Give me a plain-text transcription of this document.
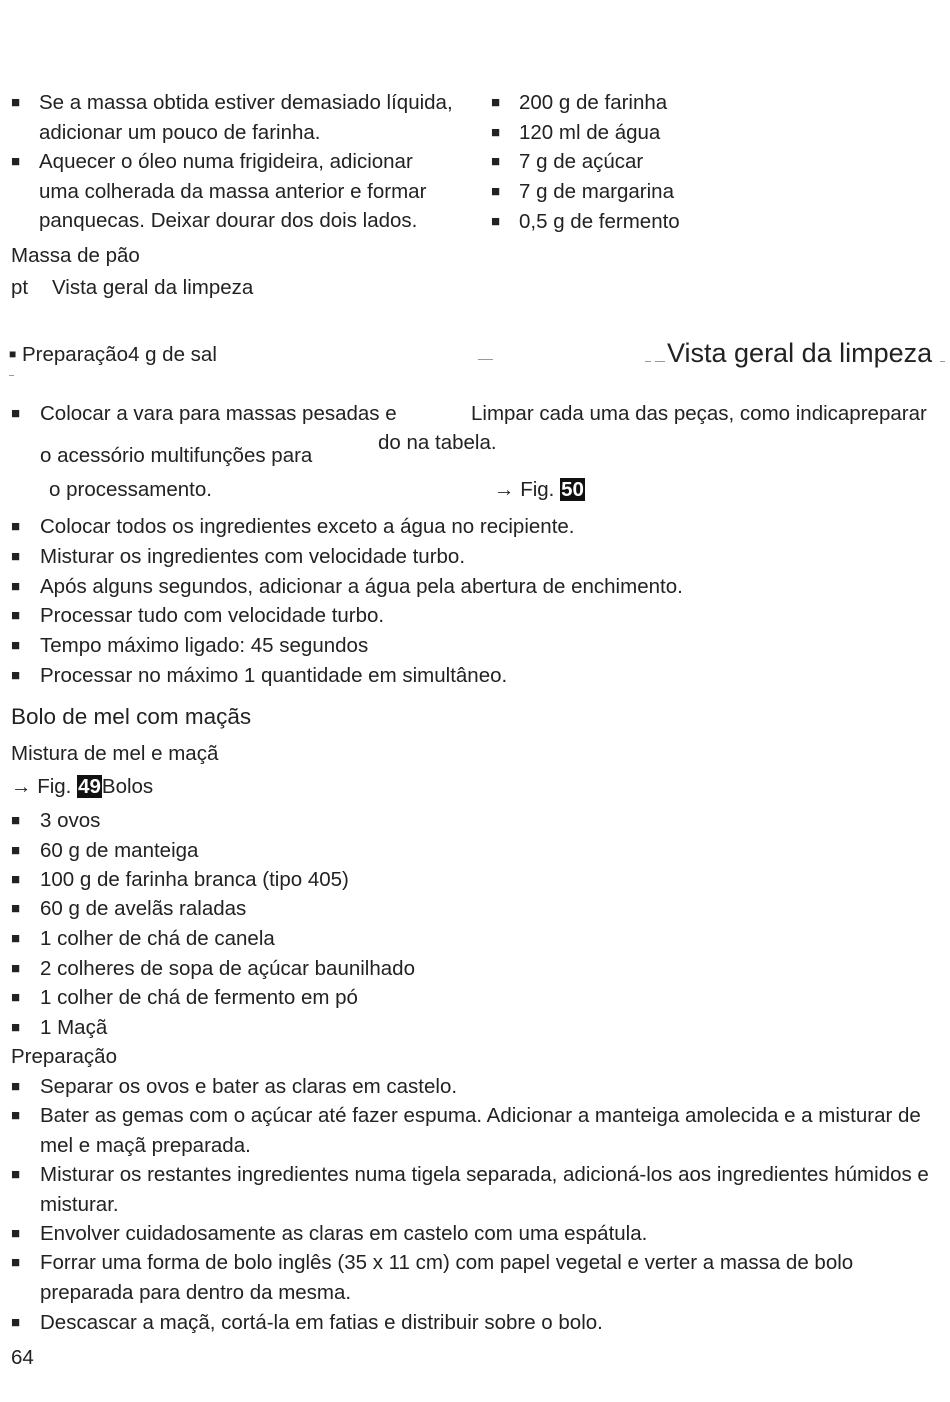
■ Se a massa obtida estiver demasiado líquida, adicionar um pouco de farinha.
■ Aquecer o óleo numa frigideira, adicionar uma colherada da massa anterior e formar panquecas. Deixar dourar dos dois lados.
■ 200 g de farinha
■ 120 ml de água
■ 7 g de açúcar
■ 7 g de margarina
■ 0,5 g de fermento
Massa de pão
pt Vista geral da limpeza
■ Preparação4 g de sal	Vista geral da limpeza
■ Colocar a vara para massas pesadas e
o acessório multifunções para
o processamento.
Limpar cada uma das peças, como indicapreparar
do na tabela.
→ Fig. 50
■ Colocar todos os ingredientes exceto a água no recipiente.
■ Misturar os ingredientes com velocidade turbo.
■ Após alguns segundos, adicionar a água pela abertura de enchimento.
■ Processar tudo com velocidade turbo.
■ Tempo máximo ligado: 45 segundos
■ Processar no máximo 1 quantidade em simultâneo.
Bolo de mel com maçãs
Mistura de mel e maçã
→ Fig. 49Bolos
■ 3 ovos
■ 60 g de manteiga
■ 100 g de farinha branca (tipo 405)
■ 60 g de avelãs raladas
■ 1 colher de chá de canela
■ 2 colheres de sopa de açúcar baunilhado
■ 1 colher de chá de fermento em pó
■ 1 Maçã
Preparação
■ Separar os ovos e bater as claras em castelo.
■ Bater as gemas com o açúcar até fazer espuma. Adicionar a manteiga amolecida e a misturar de mel e maçã preparada.
■ Misturar os restantes ingredientes numa tigela separada, adicioná-los aos ingredientes húmidos e misturar.
■ Envolver cuidadosamente as claras em castelo com uma espátula.
■ Forrar uma forma de bolo inglês (35 x 11 cm) com papel vegetal e verter a massa de bolo preparada para dentro da mesma.
■ Descascar a maçã, cortá-la em fatias e distribuir sobre o bolo.
64
